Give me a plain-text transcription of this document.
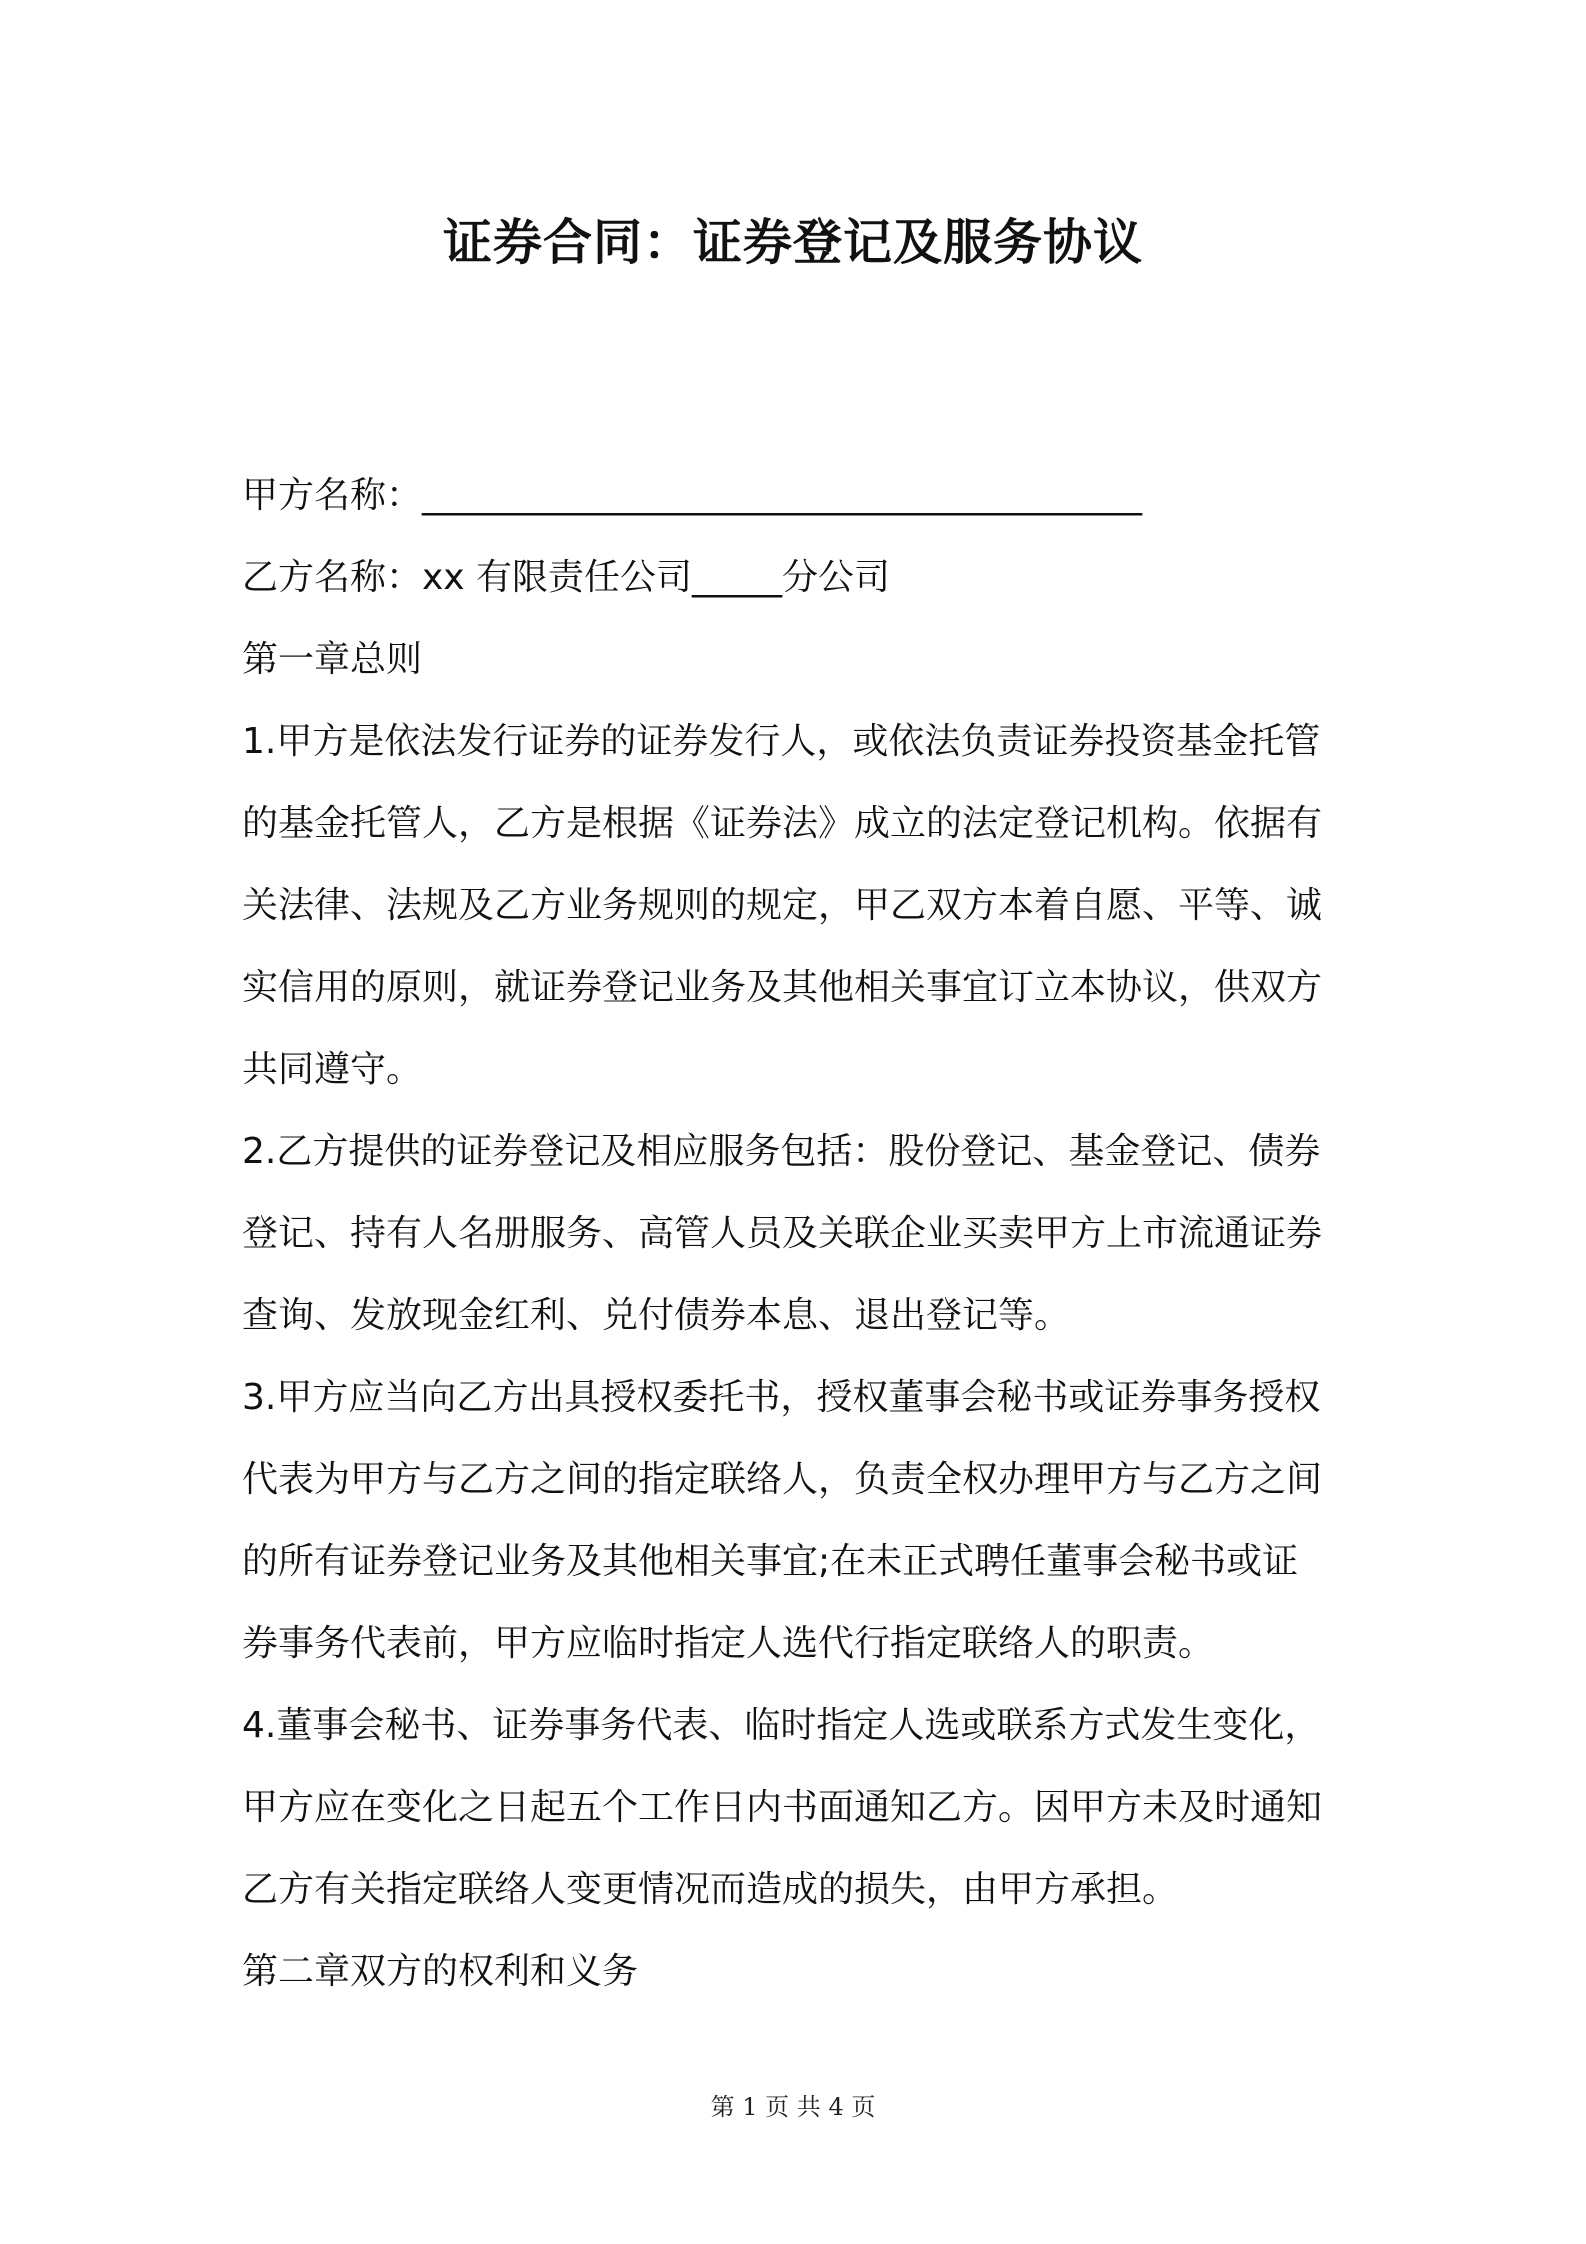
证券合同：证券登记及服务协议

甲方名称：________________________________________

乙方名称：xx 有限责任公司_____分公司

第一章总则

1.甲方是依法发行证券的证券发行人，或依法负责证券投资基金托管
的基金托管人，乙方是根据《证券法》成立的法定登记机构。依据有
关法律、法规及乙方业务规则的规定，甲乙双方本着自愿、平等、诚
实信用的原则，就证券登记业务及其他相关事宜订立本协议，供双方
共同遵守。

2.乙方提供的证券登记及相应服务包括：股份登记、基金登记、债券
登记、持有人名册服务、高管人员及关联企业买卖甲方上市流通证券
查询、发放现金红利、兑付债券本息、退出登记等。

3.甲方应当向乙方出具授权委托书，授权董事会秘书或证券事务授权
代表为甲方与乙方之间的指定联络人，负责全权办理甲方与乙方之间
的所有证券登记业务及其他相关事宜;在未正式聘任董事会秘书或证
券事务代表前，甲方应临时指定人选代行指定联络人的职责。

4.董事会秘书、证券事务代表、临时指定人选或联系方式发生变化，
甲方应在变化之日起五个工作日内书面通知乙方。因甲方未及时通知
乙方有关指定联络人变更情况而造成的损失，由甲方承担。

第二章双方的权利和义务

第 1 页 共 4 页
